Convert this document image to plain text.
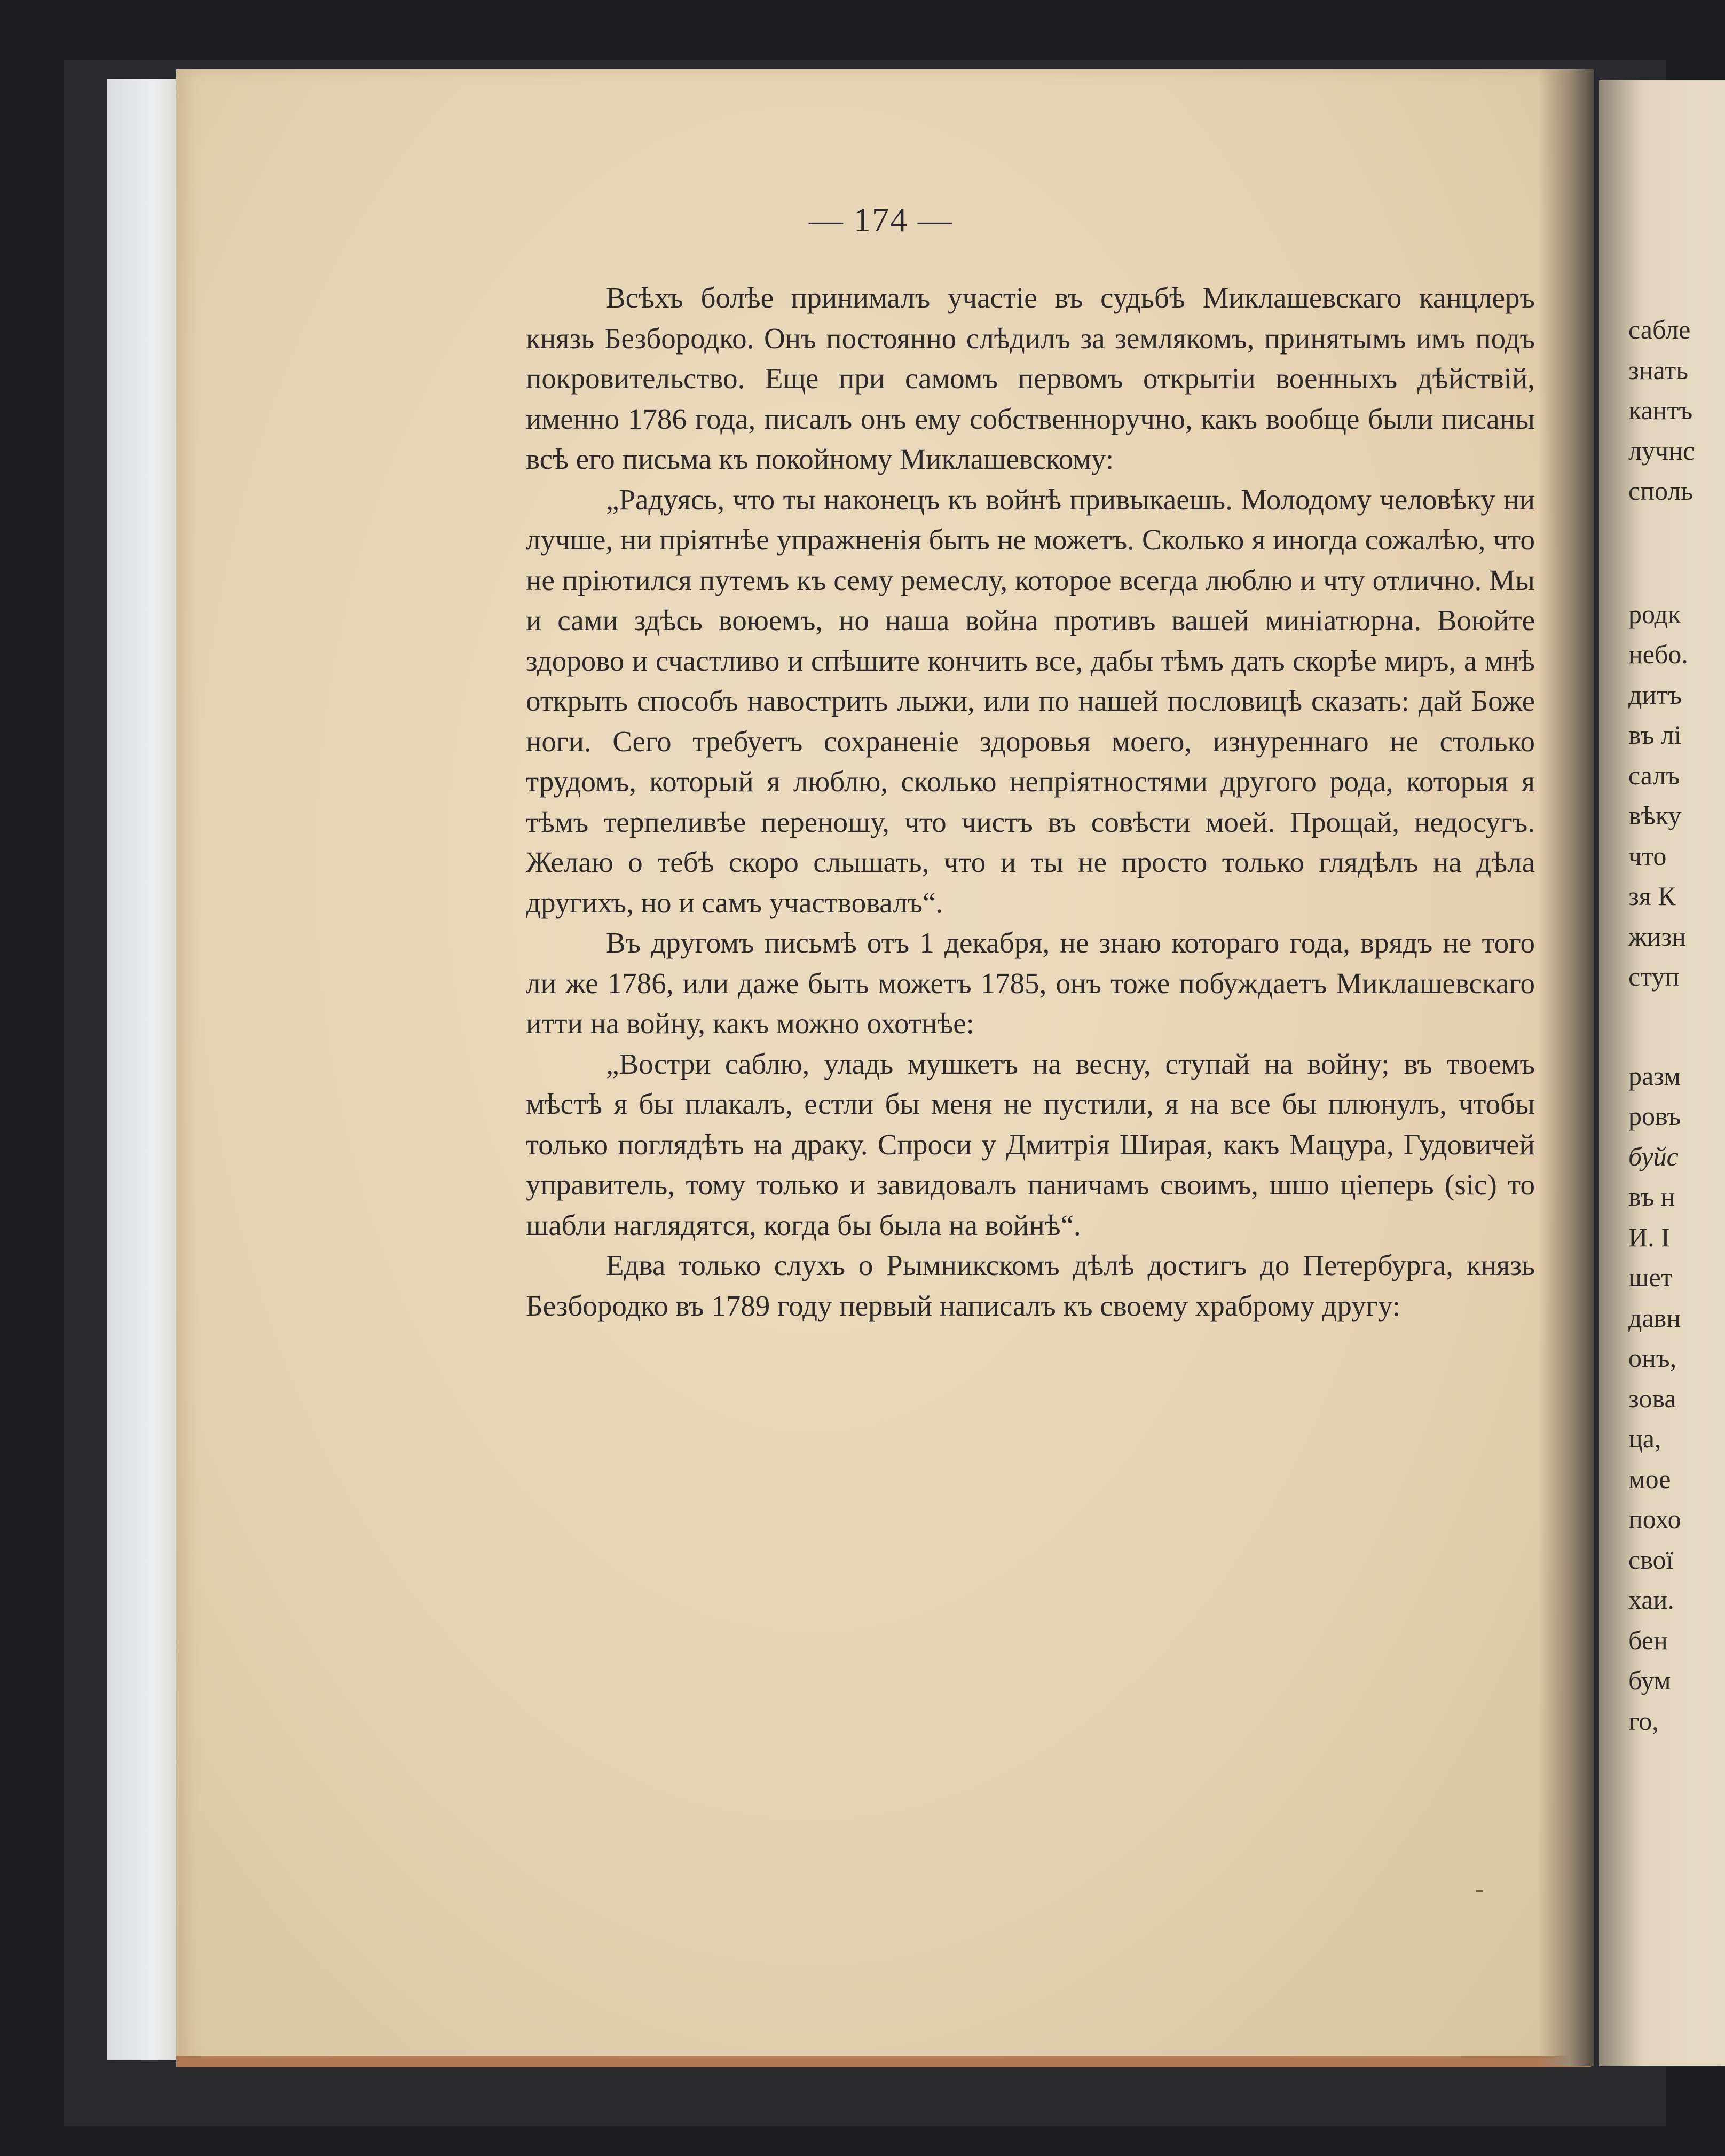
сабле
знать
кантъ
лучнс
споль
родк
небо.
дитъ
въ лі
салъ
вѣку
что
зя К
жизн
ступ
разм
ровъ
буйс
въ н
И. І
шет
давн
онъ,
зова
ца,
мое
похо
свої
хаи.
бен
бум
го,
— 174 —

Всѣхъ болѣе принималъ участіе въ судьбѣ Миклашевскаго канцлеръ князь Безбородко. Онъ постоянно слѣдилъ за землякомъ, принятымъ имъ подъ покровительство. Еще при самомъ первомъ открытіи военныхъ дѣйствій, именно 1786 года, писалъ онъ ему собственноручно, какъ вообще были писаны всѣ его письма къ покойному Миклашевскому:

„Радуясь, что ты наконецъ къ войнѣ привыкаешь. Молодому человѣку ни лучше, ни пріятнѣе упражненія быть не можетъ. Сколько я иногда сожалѣю, что не пріютился путемъ къ сему ремеслу, которое всегда люблю и чту отлично. Мы и сами здѣсь воюемъ, но наша война противъ вашей миніатюрна. Воюйте здорово и счастливо и спѣшите кончить все, дабы тѣмъ дать скорѣе миръ, а мнѣ открыть способъ навострить лыжи, или по нашей пословицѣ сказать: дай Боже ноги. Сего требуетъ сохраненіе здоровья моего, изнуреннаго не столько трудомъ, который я люблю, сколько непріятностями другого рода, которыя я тѣмъ терпеливѣе переношу, что чистъ въ совѣсти моей. Прощай, недосугъ. Желаю о тебѣ скоро слышать, что и ты не просто только глядѣлъ на дѣла другихъ, но и самъ участвовалъ“.

Въ другомъ письмѣ отъ 1 декабря, не знаю котораго года, врядъ не того ли же 1786, или даже быть можетъ 1785, онъ тоже побуждаетъ Миклашевскаго итти на войну, какъ можно охотнѣе:

„Востри саблю, уладь мушкетъ на весну, ступай на войну; въ твоемъ мѣстѣ я бы плакалъ, естли бы меня не пустили, я на все бы плюнулъ, чтобы только поглядѣть на драку. Спроси у Дмитрія Ширая, какъ Мацура, Гудовичей управитель, тому только и завидовалъ паничамъ своимъ, шшо ціеперь (sic) то шабли наглядятся, когда бы была на войнѣ“.

Едва только слухъ о Рымникскомъ дѣлѣ достигъ до Петербурга, князь Безбородко въ 1789 году первый написалъ къ своему храброму другу:
